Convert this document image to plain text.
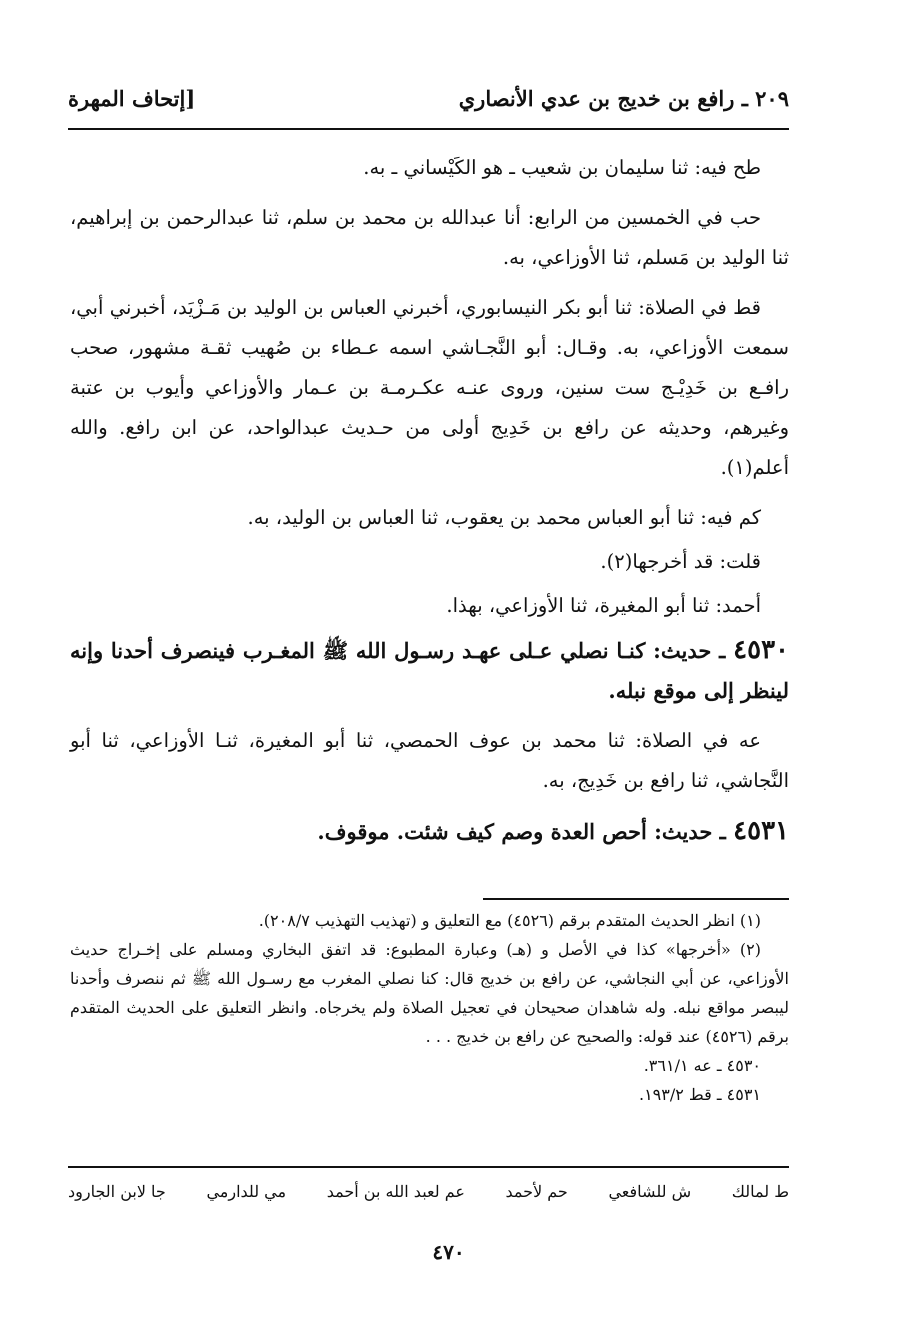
٢٠٩ ـ رافع بن خديج بن عدي الأنصاري
[إتحاف المهرة

طح فيه: ثنا سليمان بن شعيب ـ هو الكَيْساني ـ به.

حب في الخمسين من الرابع: أنا عبدالله بن محمد بن سلم، ثنا عبدالرحمن بن إبراهيم، ثنا الوليد بن مَسلم، ثنا الأوزاعي، به.

قط في الصلاة: ثنا أبو بكر النيسابوري، أخبرني العباس بن الوليد بن مَـزْيَد، أخبرني أبي، سمعت الأوزاعي، به. وقـال: أبو النَّجـاشي اسمه عـطاء بن صُهيب ثقـة مشهور، صحب رافـع بن خَدِيْـج ست سنين، وروى عنـه عكـرمـة بن عـمار والأوزاعي وأيوب بن عتبة وغيرهم، وحديثه عن رافع بن خَدِيج أولى من حـديث عبدالواحد، عن ابن رافع. والله أعلم(١).

كم فيه: ثنا أبو العباس محمد بن يعقوب، ثنا العباس بن الوليد، به.

قلت: قد أخرجها(٢).

أحمد: ثنا أبو المغيرة، ثنا الأوزاعي، بهذا.

٤٥٣٠ ـ حديث: كنـا نصلي عـلى عهـد رسـول الله ﷺ المغـرب فينصرف أحدنا وإنه لينظر إلى موقع نبله.

عه في الصلاة: ثنا محمد بن عوف الحمصي، ثنا أبو المغيرة، ثنـا الأوزاعي، ثنا أبو النَّجاشي، ثنا رافع بن خَدِيج، به.

٤٥٣١ ـ حديث: أحص العدة وصم كيف شئت. موقوف.

(١) انظر الحديث المتقدم برقم (٤٥٢٦) مع التعليق و (تهذيب التهذيب ٢٠٨/٧).

(٢) «أخرجها» كذا في الأصل و (هـ) وعبارة المطبوع: قد اتفق البخاري ومسلم على إخـراج حديث الأوزاعي، عن أبي النجاشي، عن رافع بن خديج قال: كنا نصلي المغرب مع رسـول الله ﷺ ثم ننصرف وأحدنا ليبصر مواقع نبله. وله شاهدان صحيحان في تعجيل الصلاة ولم يخرجاه. وانظر التعليق على الحديث المتقدم برقم (٤٥٢٦) عند قوله: والصحيح عن رافع بن خديج . . .

٤٥٣٠ ـ عه ٣٦١/١.

٤٥٣١ ـ قط ١٩٣/٢.

ط لمالك
ش للشافعي
حم لأحمد
عم لعبد الله بن أحمد
مي للدارمي
جا لابن الجارود
٤٧٠
